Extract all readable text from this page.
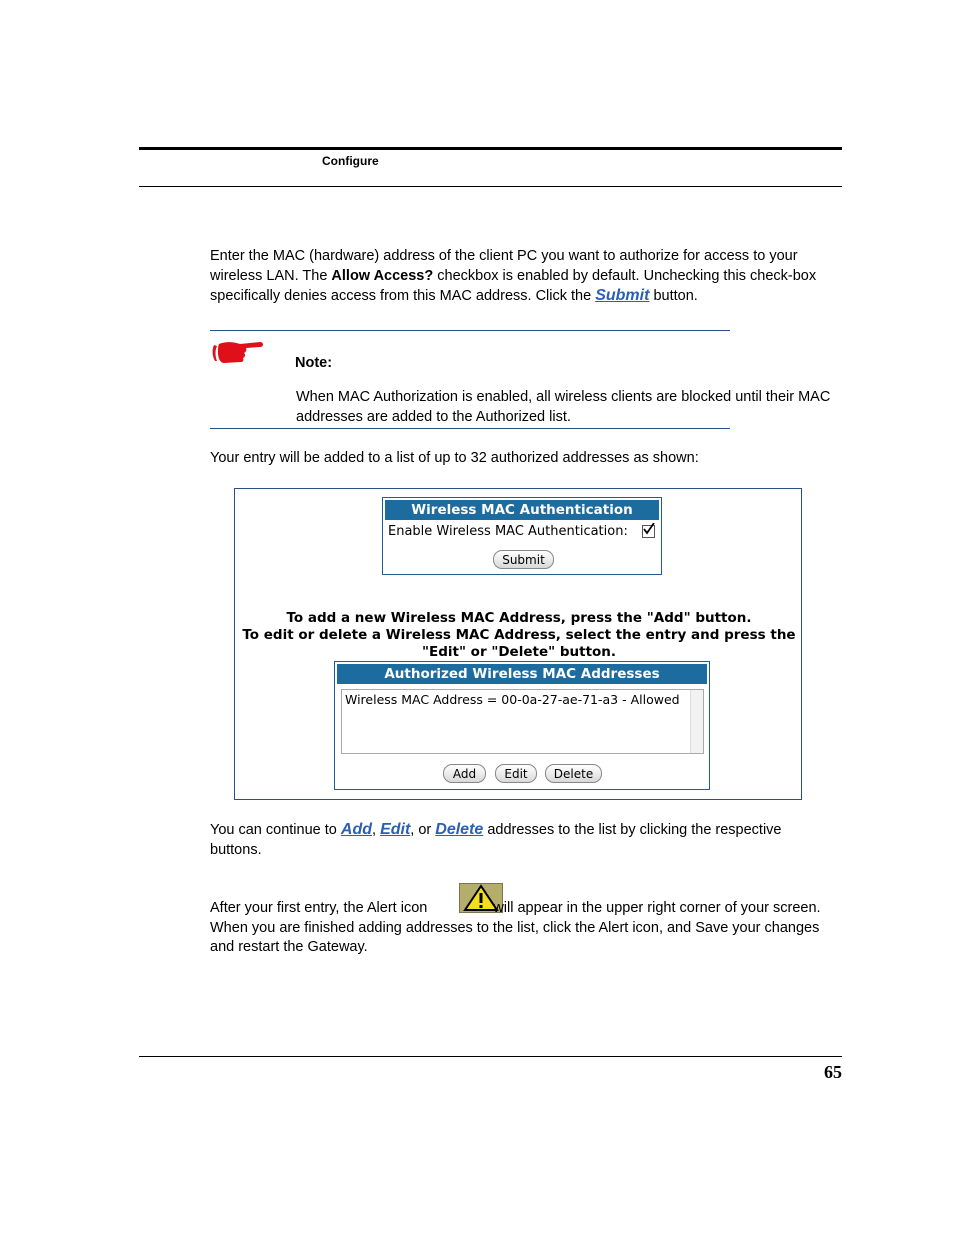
Configure
Enter the MAC (hardware) address of the client PC you want to authorize for access to your wireless LAN. The Allow Access? checkbox is enabled by default. Unchecking this check-box specifically denies access from this MAC address. Click the Submit button.
Note:
When MAC Authorization is enabled, all wireless clients are blocked until their MAC addresses are added to the Authorized list.
Your entry will be added to a list of up to 32 authorized addresses as shown:
Wireless MAC Authentication
Enable Wireless MAC Authentication:
Submit
To add a new Wireless MAC Address, press the "Add" button.
To edit or delete a Wireless MAC Address, select the entry and press the
"Edit" or "Delete" button.
Authorized Wireless MAC Addresses
Wireless MAC Address = 00-0a-27-ae-71-a3 - Allowed
Add	Edit	Delete
You can continue to Add, Edit, or Delete addresses to the list by clicking the respective buttons.
After your first entry, the Alert icon	will appear in the upper right corner of your screen. When you are finished adding addresses to the list, click the Alert icon, and Save your changes and restart the Gateway.
65
